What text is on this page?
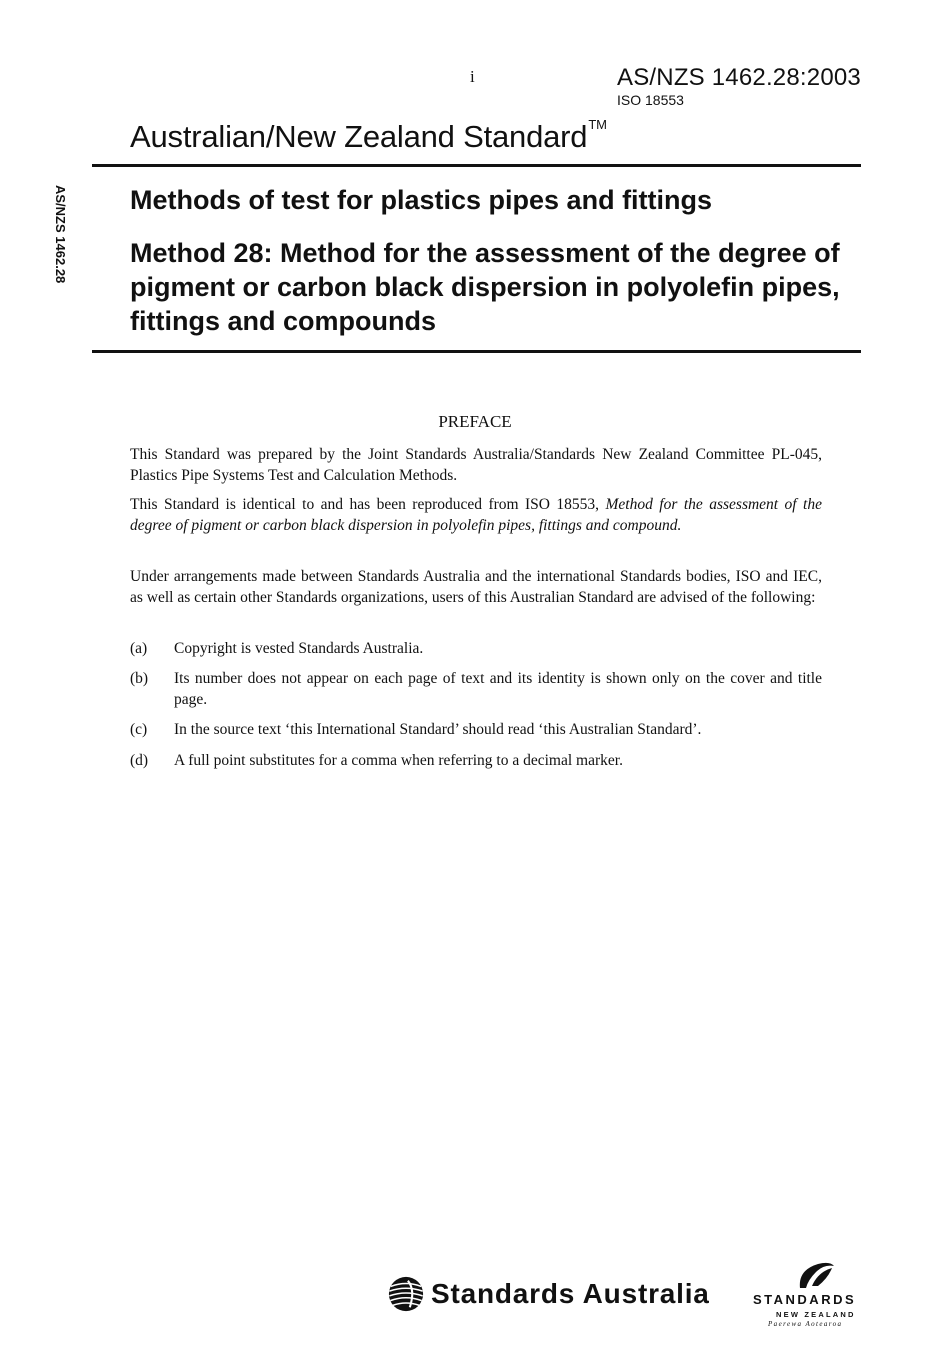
i	AS/NZS 1462.28:2003
ISO 18553
Australian/New Zealand Standard™
AS/NZS 1462.28 Methods of test for plastics pipes and fittings
Method 28: Method for the assessment of the degree of pigment or carbon black dispersion in polyolefin pipes, fittings and compounds
PREFACE

This Standard was prepared by the Joint Standards Australia/Standards New Zealand Committee PL-045, Plastics Pipe Systems Test and Calculation Methods.

This Standard is identical to and has been reproduced from ISO 18553, Method for the assessment of the degree of pigment or carbon black dispersion in polyolefin pipes, fittings and compound.

Under arrangements made between Standards Australia and the international Standards bodies, ISO and IEC, as well as certain other Standards organizations, users of this Australian Standard are advised of the following:

(a) Copyright is vested Standards Australia.
(b) Its number does not appear on each page of text and its identity is shown only on the cover and title page.
(c) In the source text ‘this International Standard’ should read ‘this Australian Standard’.
(d) A full point substitutes for a comma when referring to a decimal marker.
Standards Australia	STANDARDS
NEW ZEALAND
Paerewa Aotearoa
